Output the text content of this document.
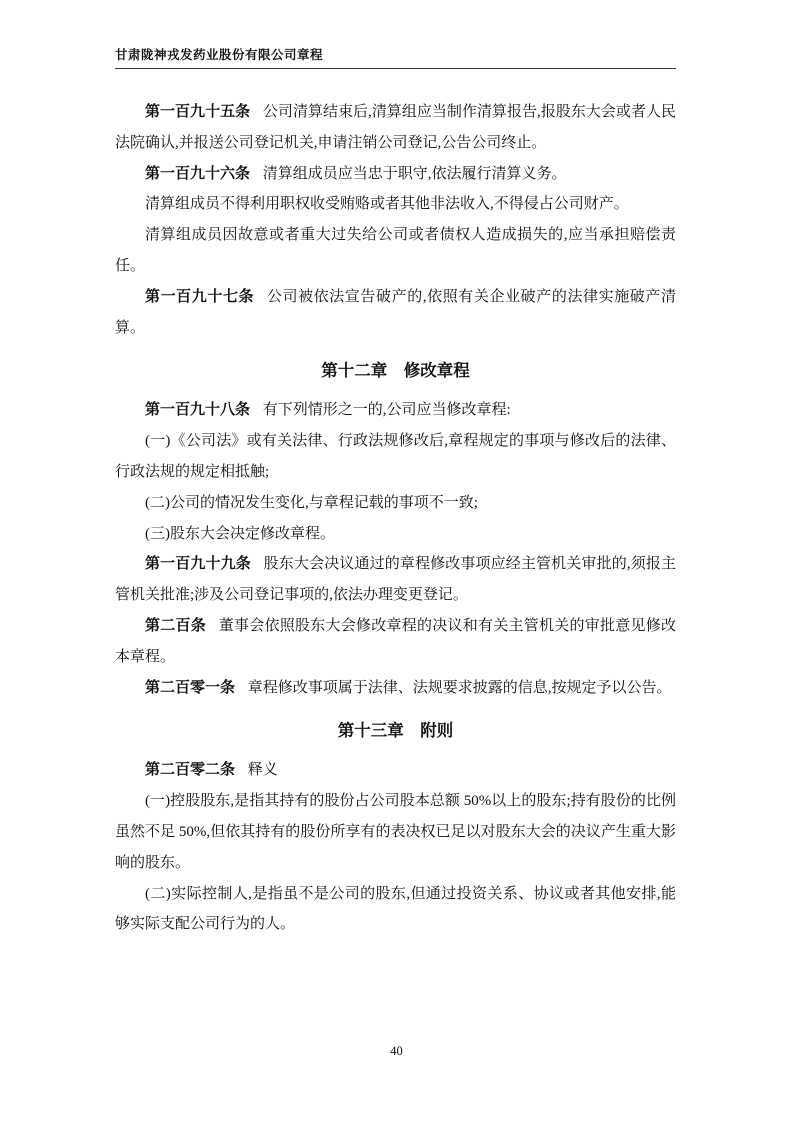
甘肃陇神戎发药业股份有限公司章程

第一百九十五条 公司清算结束后,清算组应当制作清算报告,报股东大会或者人民法院确认,并报送公司登记机关,申请注销公司登记,公告公司终止。

第一百九十六条 清算组成员应当忠于职守,依法履行清算义务。

清算组成员不得利用职权收受贿赂或者其他非法收入,不得侵占公司财产。

清算组成员因故意或者重大过失给公司或者债权人造成损失的,应当承担赔偿责任。

第一百九十七条 公司被依法宣告破产的,依照有关企业破产的法律实施破产清算。

第十二章　修改章程

第一百九十八条 有下列情形之一的,公司应当修改章程:

(一)《公司法》或有关法律、行政法规修改后,章程规定的事项与修改后的法律、行政法规的规定相抵触;

(二)公司的情况发生变化,与章程记载的事项不一致;

(三)股东大会决定修改章程。

第一百九十九条 股东大会决议通过的章程修改事项应经主管机关审批的,须报主管机关批准;涉及公司登记事项的,依法办理变更登记。

第二百条 董事会依照股东大会修改章程的决议和有关主管机关的审批意见修改本章程。

第二百零一条 章程修改事项属于法律、法规要求披露的信息,按规定予以公告。

第十三章　附则

第二百零二条 释义

(一)控股股东,是指其持有的股份占公司股本总额 50%以上的股东;持有股份的比例虽然不足 50%,但依其持有的股份所享有的表决权已足以对股东大会的决议产生重大影响的股东。

(二)实际控制人,是指虽不是公司的股东,但通过投资关系、协议或者其他安排,能够实际支配公司行为的人。

40
